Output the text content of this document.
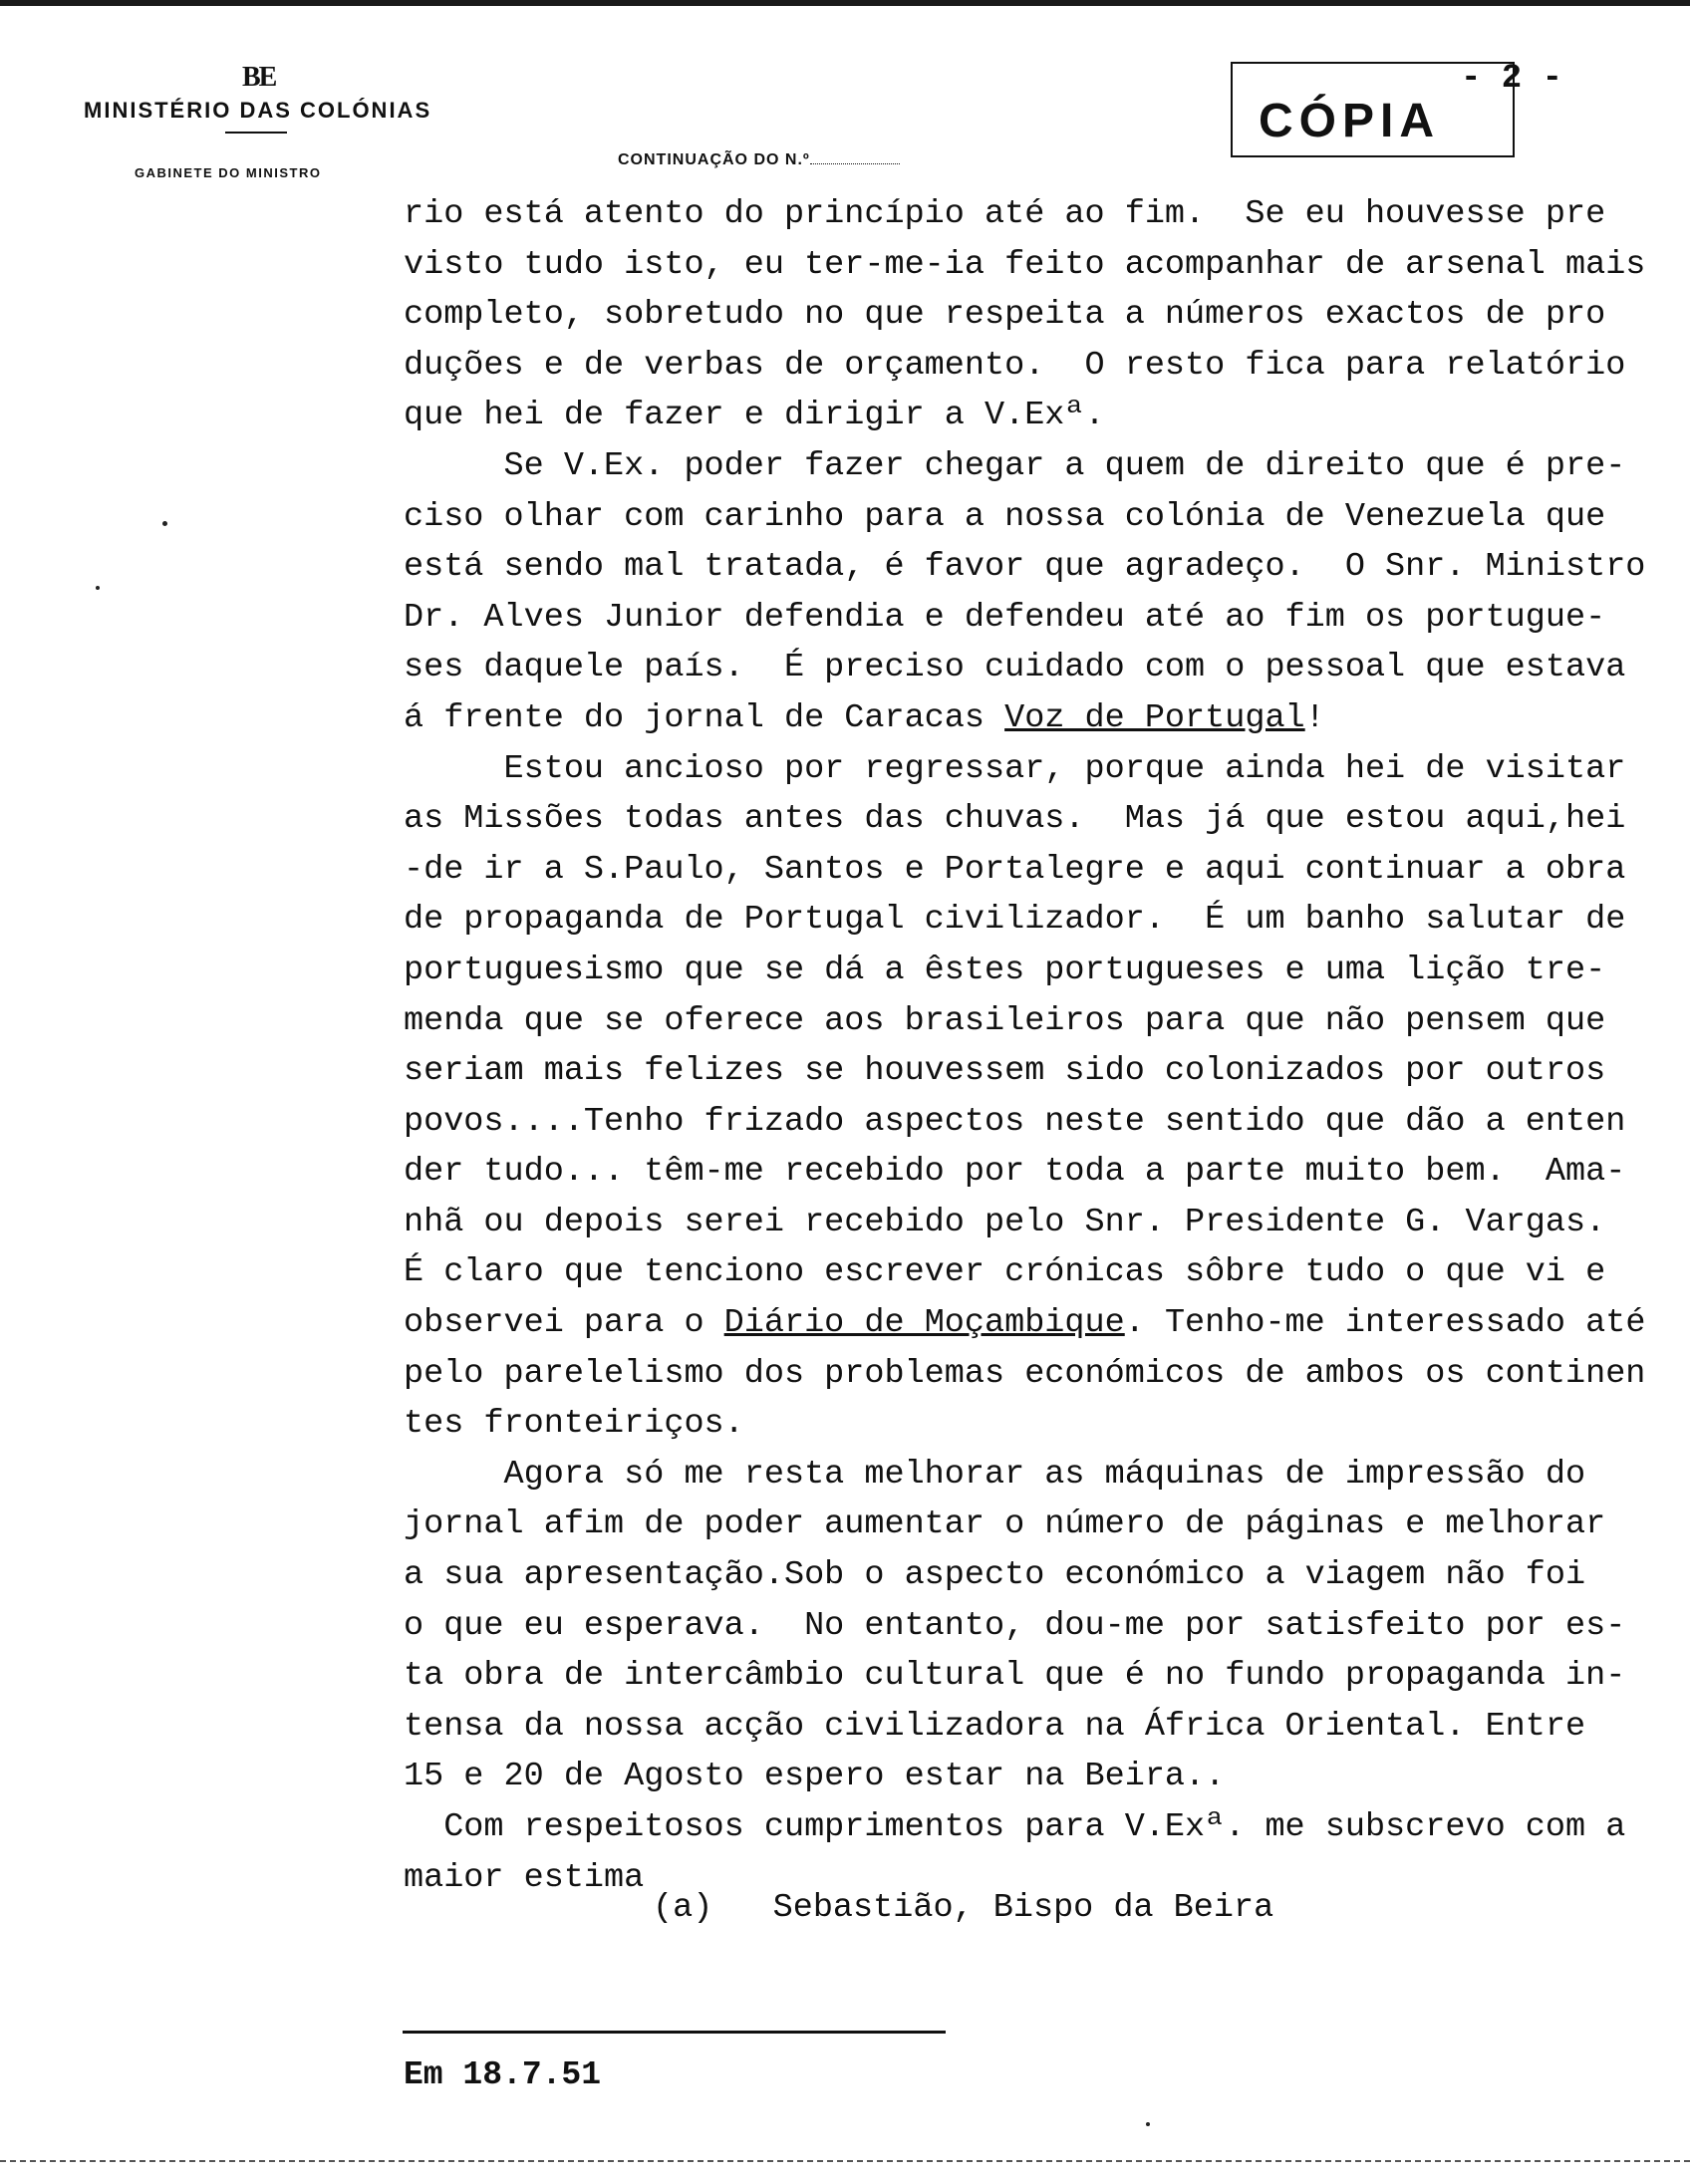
BE
MINISTÉRIO DAS COLÓNIAS
GABINETE DO MINISTRO
CONTINUAÇÃO DO N.º
CÓPIA
- 2 -
rio está atento do princípio até ao fim.  Se eu houvesse pre
visto tudo isto, eu ter-me-ia feito acompanhar de arsenal mais
completo, sobretudo no que respeita a números exactos de pro
duções e de verbas de orçamento.  O resto fica para relatório
que hei de fazer e dirigir a V.Exª.
Se V.Ex. poder fazer chegar a quem de direito que é pre-
ciso olhar com carinho para a nossa colónia de Venezuela que
está sendo mal tratada, é favor que agradeço.  O Snr. Ministro
Dr. Alves Junior defendia e defendeu até ao fim os portugue-
ses daquele país.  É preciso cuidado com o pessoal que estava
á frente do jornal de Caracas Voz de Portugal!
Estou ancioso por regressar, porque ainda hei de visitar
as Missões todas antes das chuvas.  Mas já que estou aqui,hei
-de ir a S.Paulo, Santos e Portalegre e aqui continuar a obra
de propaganda de Portugal civilizador.  É um banho salutar de
portuguesismo que se dá a êstes portugueses e uma lição tre-
menda que se oferece aos brasileiros para que não pensem que
seriam mais felizes se houvessem sido colonizados por outros
povos....Tenho frizado aspectos neste sentido que dão a enten
der tudo... têm-me recebido por toda a parte muito bem.  Ama-
nhã ou depois serei recebido pelo Snr. Presidente G. Vargas.
É claro que tenciono escrever crónicas sôbre tudo o que vi e
observei para o Diário de Moçambique. Tenho-me interessado até
pelo parelelismo dos problemas económicos de ambos os continen
tes fronteiriços.
Agora só me resta melhorar as máquinas de impressão do
jornal afim de poder aumentar o número de páginas e melhorar
a sua apresentação.Sob o aspecto económico a viagem não foi
o que eu esperava.  No entanto, dou-me por satisfeito por es-
ta obra de intercâmbio cultural que é no fundo propaganda in-
tensa da nossa acção civilizadora na África Oriental. Entre
15 e 20 de Agosto espero estar na Beira..
Com respeitosos cumprimentos para V.Exª. me subscrevo com a
maior estima
(a)   Sebastião, Bispo da Beira
Em 18.7.51
